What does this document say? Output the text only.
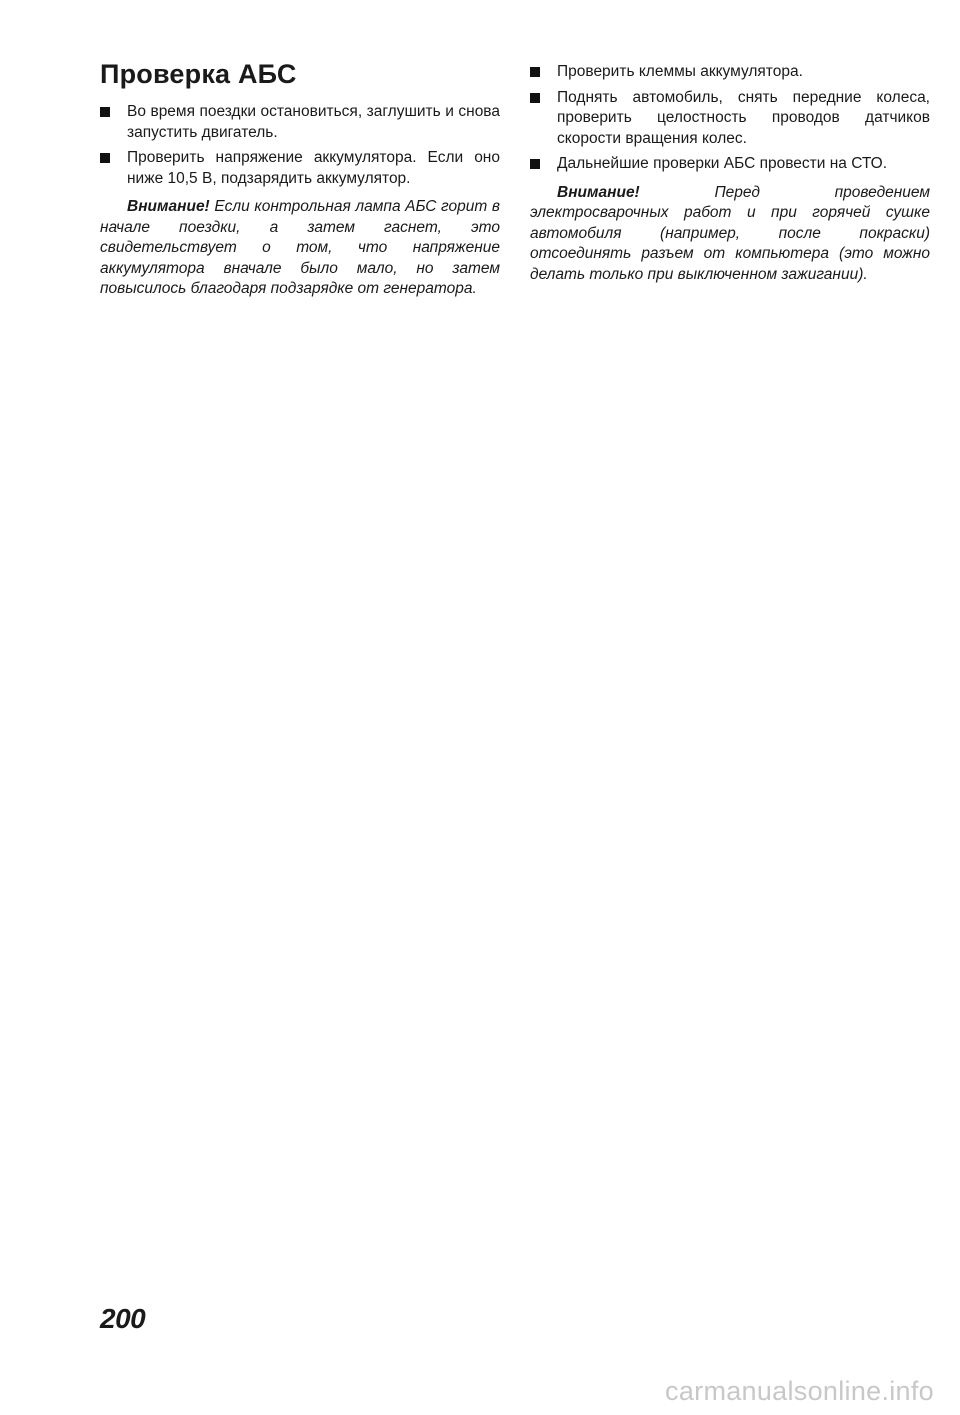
Проверка АБС
Во время поездки остановиться, заглушить и снова запустить двигатель.
Проверить напряжение аккумулятора. Если оно ниже 10,5 В, подзарядить аккумулятор.

Внимание! Если контрольная лампа АБС горит в начале поездки, а затем гаснет, это свидетельствует о том, что напряжение аккумулятора вначале было мало, но затем повысилось благодаря подзарядке от генератора.

Проверить клеммы аккумулятора.
Поднять автомобиль, снять передние колеса, проверить целостность проводов датчиков скорости вращения колес.
Дальнейшие проверки АБС провести на СТО.

Внимание!	Перед проведением электросварочных работ и при горячей сушке автомобиля (например, после покраски) отсоединять разъем от компьютера (это можно делать только при выключенном зажигании).

200
carmanualsonline.info
